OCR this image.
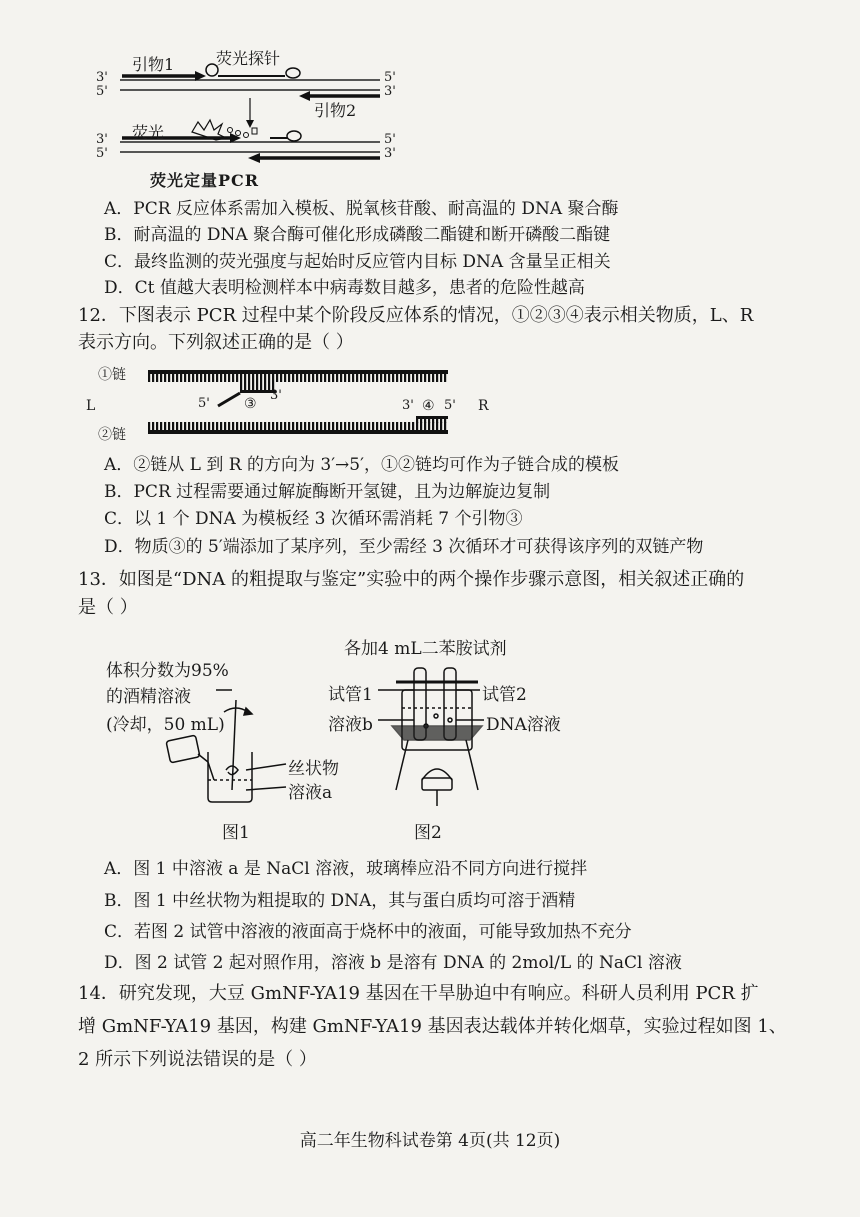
引物1	荧光探针
引物2
荧光
3'
5'
5'
3'
3'
5'
5'
3'
荧光定量PCR
A．PCR 反应体系需加入模板、脱氧核苷酸、耐高温的 DNA 聚合酶
B．耐高温的 DNA 聚合酶可催化形成磷酸二酯键和断开磷酸二酯键
C．最终监测的荧光强度与起始时反应管内目标 DNA 含量呈正相关
D．Ct 值越大表明检测样本中病毒数目越多，患者的危险性越高
12．下图表示 PCR 过程中某个阶段反应体系的情况，①②③④表示相关物质，L、R
表示方向。下列叙述正确的是（ ）
①链
②链
L	R
5'
3'
③	3' ④ 5'
A．②链从 L 到 R 的方向为 3′→5′，①②链均可作为子链合成的模板
B．PCR 过程需要通过解旋酶断开氢键，且为边解旋边复制
C．以 1 个 DNA 为模板经 3 次循环需消耗 7 个引物③
D．物质③的 5′端添加了某序列，至少需经 3 次循环才可获得该序列的双链产物
13．如图是“DNA 的粗提取与鉴定”实验中的两个操作步骤示意图，相关叙述正确的
是（ ）
各加4 mL二苯胺试剂
体积分数为95%
的酒精溶液
(冷却，50 mL)
丝状物
溶液a
试管1	试管2
溶液b	DNA溶液
图1	图2
A．图 1 中溶液 a 是 NaCl 溶液，玻璃棒应沿不同方向进行搅拌
B．图 1 中丝状物为粗提取的 DNA，其与蛋白质均可溶于酒精
C．若图 2 试管中溶液的液面高于烧杯中的液面，可能导致加热不充分
D．图 2 试管 2 起对照作用，溶液 b 是溶有 DNA 的 2mol/L 的 NaCl 溶液
14．研究发现，大豆 GmNF-YA19 基因在干旱胁迫中有响应。科研人员利用 PCR 扩
增 GmNF-YA19 基因，构建 GmNF-YA19 基因表达载体并转化烟草，实验过程如图 1、
2 所示下列说法错误的是（ ）
高二年生物科试卷第 4页(共 12页)
